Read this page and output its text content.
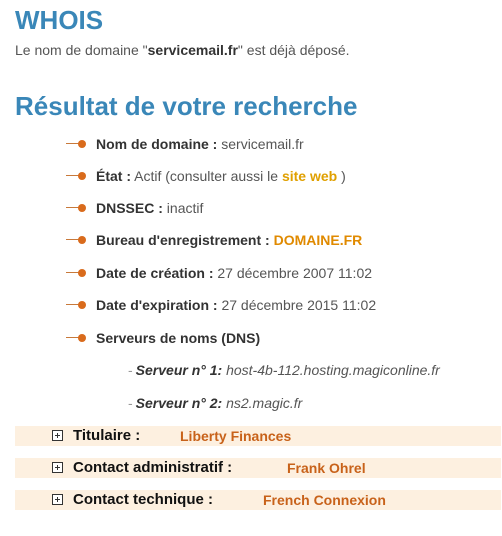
WHOIS
Le nom de domaine "servicemail.fr" est déjà déposé.
Résultat de votre recherche
Nom de domaine : servicemail.fr
État : Actif (consulter aussi le site web )
DNSSEC : inactif
Bureau d'enregistrement : DOMAINE.FR
Date de création : 27 décembre 2007 11:02
Date d'expiration : 27 décembre 2015 11:02
Serveurs de noms (DNS)
- Serveur n° 1: host-4b-112.hosting.magiconline.fr
- Serveur n° 2: ns2.magic.fr
Titulaire :	Liberty Finances
Contact administratif :	Frank Ohrel
Contact technique :	French Connexion
